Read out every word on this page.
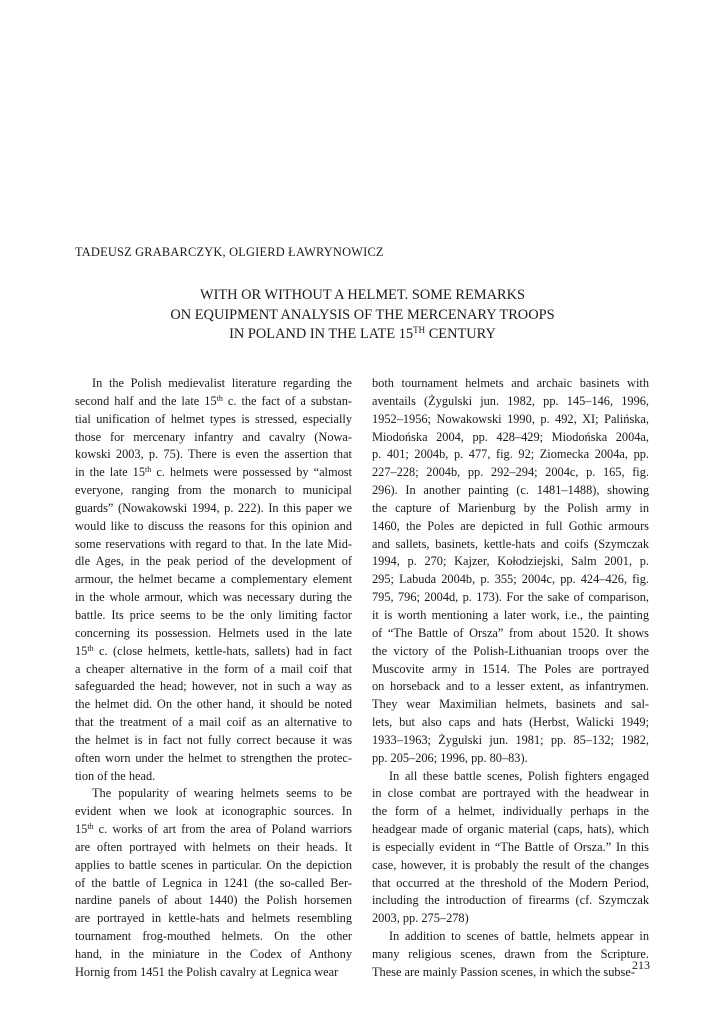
TADEUSZ GRABARCZYK, OLGIERD ŁAWRYNOWICZ
WITH OR WITHOUT A HELMET. SOME REMARKS
ON EQUIPMENT ANALYSIS OF THE MERCENARY TROOPS
IN POLAND IN THE LATE 15TH CENTURY
In the Polish medievalist literature regarding the
second half and the late 15th c. the fact of a substan-
tial unification of helmet types is stressed, especially
those for mercenary infantry and cavalry (Nowa-
kowski 2003, p. 75). There is even the assertion that
in the late 15th c. helmets were possessed by “almost
everyone, ranging from the monarch to municipal
guards” (Nowakowski 1994, p. 222). In this paper we
would like to discuss the reasons for this opinion and
some reservations with regard to that. In the late Mid-
dle Ages, in the peak period of the development of
armour, the helmet became a complementary element
in the whole armour, which was necessary during the
battle. Its price seems to be the only limiting factor
concerning its possession. Helmets used in the late
15th c. (close helmets, kettle-hats, sallets) had in fact
a cheaper alternative in the form of a mail coif that
safeguarded the head; however, not in such a way as
the helmet did. On the other hand, it should be noted
that the treatment of a mail coif as an alternative to
the helmet is in fact not fully correct because it was
often worn under the helmet to strengthen the protec-
tion of the head.
The popularity of wearing helmets seems to be
evident when we look at iconographic sources. In
15th c. works of art from the area of Poland warriors
are often portrayed with helmets on their heads. It
applies to battle scenes in particular. On the depiction
of the battle of Legnica in 1241 (the so-called Ber-
nardine panels of about 1440) the Polish horsemen
are portrayed in kettle-hats and helmets resembling
tournament frog-mouthed helmets. On the other
hand, in the miniature in the Codex of Anthony
Hornig from 1451 the Polish cavalry at Legnica wear
both tournament helmets and archaic basinets with
aventails (Żygulski jun. 1982, pp. 145–146, 1996,
1952–1956; Nowakowski 1990, p. 492, XI; Palińska,
Miodońska 2004, pp. 428–429; Miodońska 2004a,
p. 401; 2004b, p. 477, fig. 92; Ziomecka 2004a, pp.
227–228; 2004b, pp. 292–294; 2004c, p. 165, fig.
296). In another painting (c. 1481–1488), showing
the capture of Marienburg by the Polish army in
1460, the Poles are depicted in full Gothic armours
and sallets, basinets, kettle-hats and coifs (Szymczak
1994, p. 270; Kajzer, Kołodziejski, Salm 2001, p.
295; Labuda 2004b, p. 355; 2004c, pp. 424–426, fig.
795, 796; 2004d, p. 173). For the sake of comparison,
it is worth mentioning a later work, i.e., the painting
of “The Battle of Orsza” from about 1520. It shows
the victory of the Polish-Lithuanian troops over the
Muscovite army in 1514. The Poles are portrayed
on horseback and to a lesser extent, as infantrymen.
They wear Maximilian helmets, basinets and sal-
lets, but also caps and hats (Herbst, Walicki 1949;
1933–1963; Żygulski jun. 1981; pp. 85–132; 1982,
pp. 205–206; 1996, pp. 80–83).
In all these battle scenes, Polish fighters engaged
in close combat are portrayed with the headwear in
the form of a helmet, individually perhaps in the
headgear made of organic material (caps, hats), which
is especially evident in “The Battle of Orsza.” In this
case, however, it is probably the result of the changes
that occurred at the threshold of the Modern Period,
including the introduction of firearms (cf. Szymczak
2003, pp. 275–278)
In addition to scenes of battle, helmets appear in
many religious scenes, drawn from the Scripture.
These are mainly Passion scenes, in which the subse-
213
